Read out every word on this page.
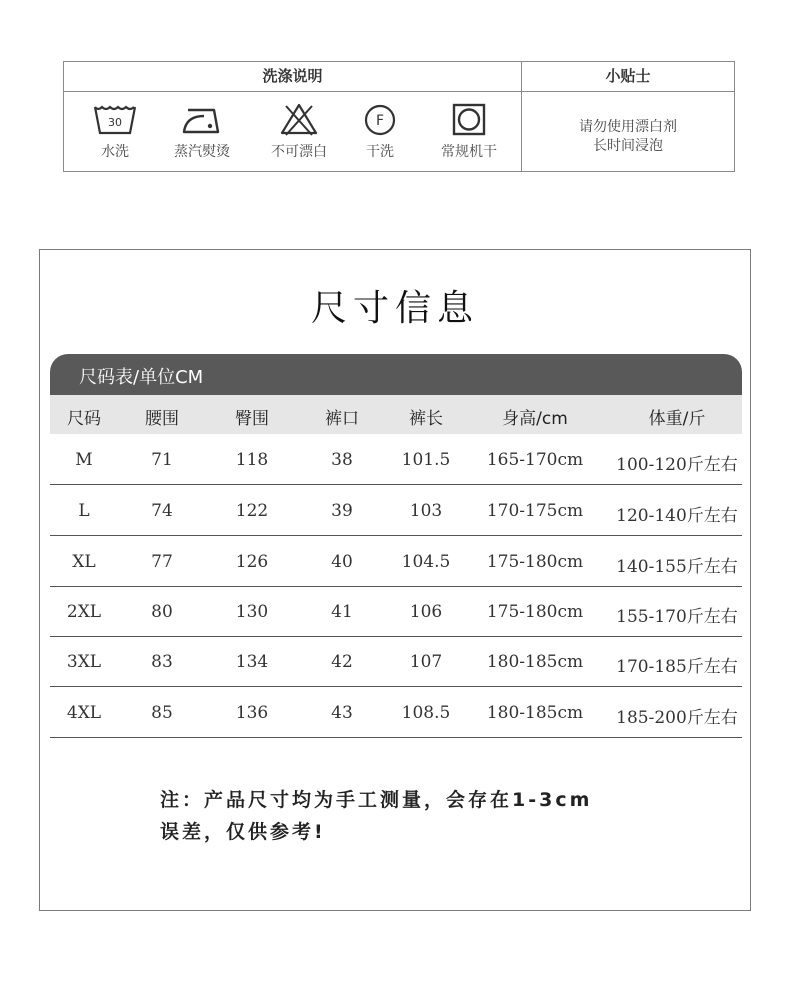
洗涤说明	小贴士
30
水洗	蒸汽熨烫	不可漂白
F
干洗	常规机干
请勿使用漂白剂
长时间浸泡
尺寸信息
尺码表/单位CM
尺码	腰围	臀围	裤口	裤长	身高/cm	体重/斤
M	71	118	38	101.5	165-170cm	100-120斤左右
L	74	122	39	103	170-175cm	120-140斤左右
XL	77	126	40	104.5	175-180cm	140-155斤左右
2XL	80	130	41	106	175-180cm	155-170斤左右
3XL	83	134	42	107	180-185cm	170-185斤左右
4XL	85	136	43	108.5	180-185cm	185-200斤左右
注：产品尺寸均为手工测量，会存在1-3cm
误差，仅供参考!
